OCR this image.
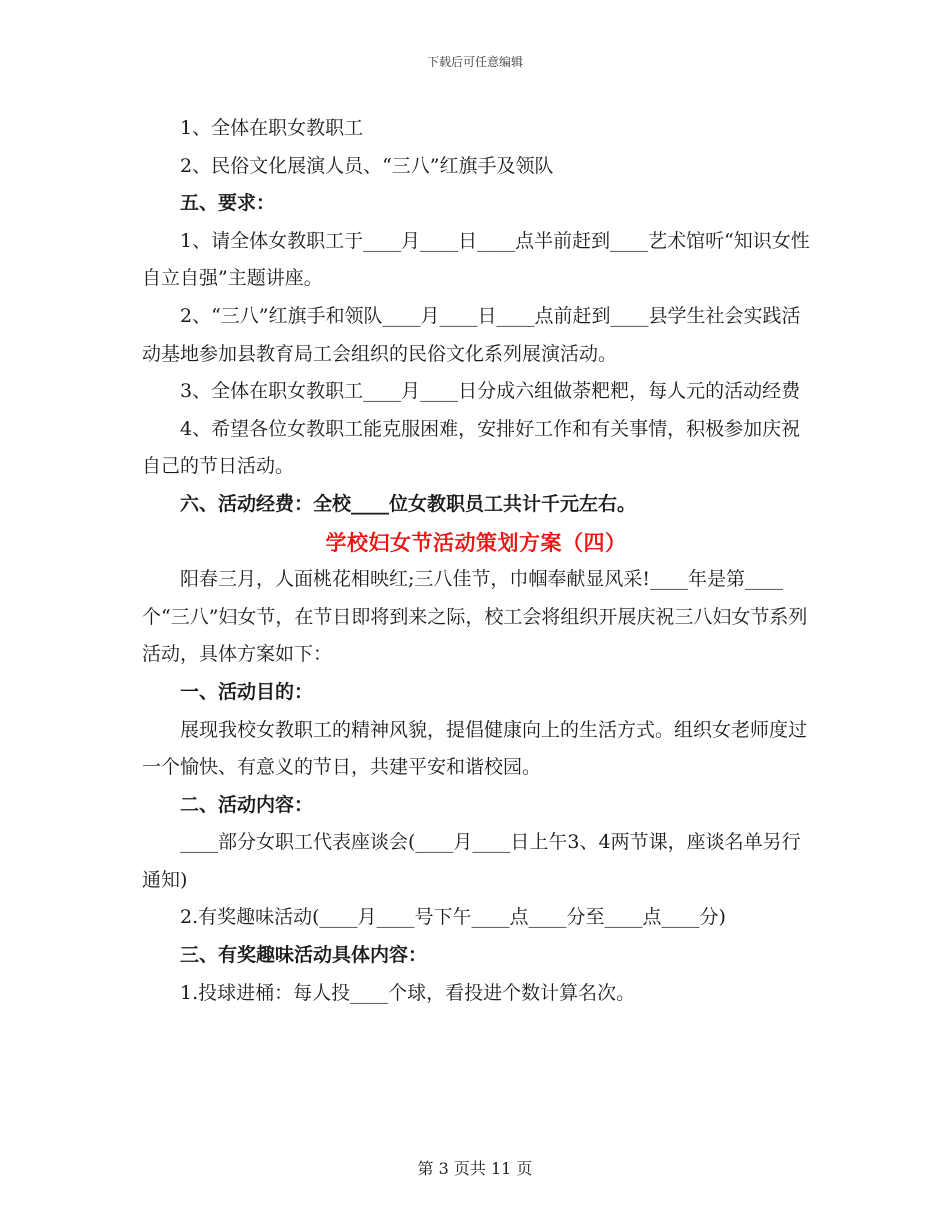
下载后可任意编辑

1、全体在职女教职工

2、民俗文化展演人员、“三八”红旗手及领队

五、要求：

1、请全体女教职工于____月____日____点半前赶到____艺术馆听“知识女性自立自强”主题讲座。

2、“三八”红旗手和领队____月____日____点前赶到____县学生社会实践活动基地参加县教育局工会组织的民俗文化系列展演活动。

3、全体在职女教职工____月____日分成六组做荼粑粑，每人元的活动经费

4、希望各位女教职工能克服困难，安排好工作和有关事情，积极参加庆祝自己的节日活动。

六、活动经费：全校____位女教职员工共计千元左右。

学校妇女节活动策划方案（四）

阳春三月，人面桃花相映红;三八佳节，巾帼奉献显风采!____年是第____个“三八”妇女节，在节日即将到来之际，校工会将组织开展庆祝三八妇女节系列活动，具体方案如下：

一、活动目的：

展现我校女教职工的精神风貌，提倡健康向上的生活方式。组织女老师度过一个愉快、有意义的节日，共建平安和谐校园。

二、活动内容：

____部分女职工代表座谈会(____月____日上午3、4两节课，座谈名单另行通知)

2.有奖趣味活动(____月____号下午____点____分至____点____分)

三、有奖趣味活动具体内容：

1.投球进桶：每人投____个球，看投进个数计算名次。

第 3 页共 11 页
